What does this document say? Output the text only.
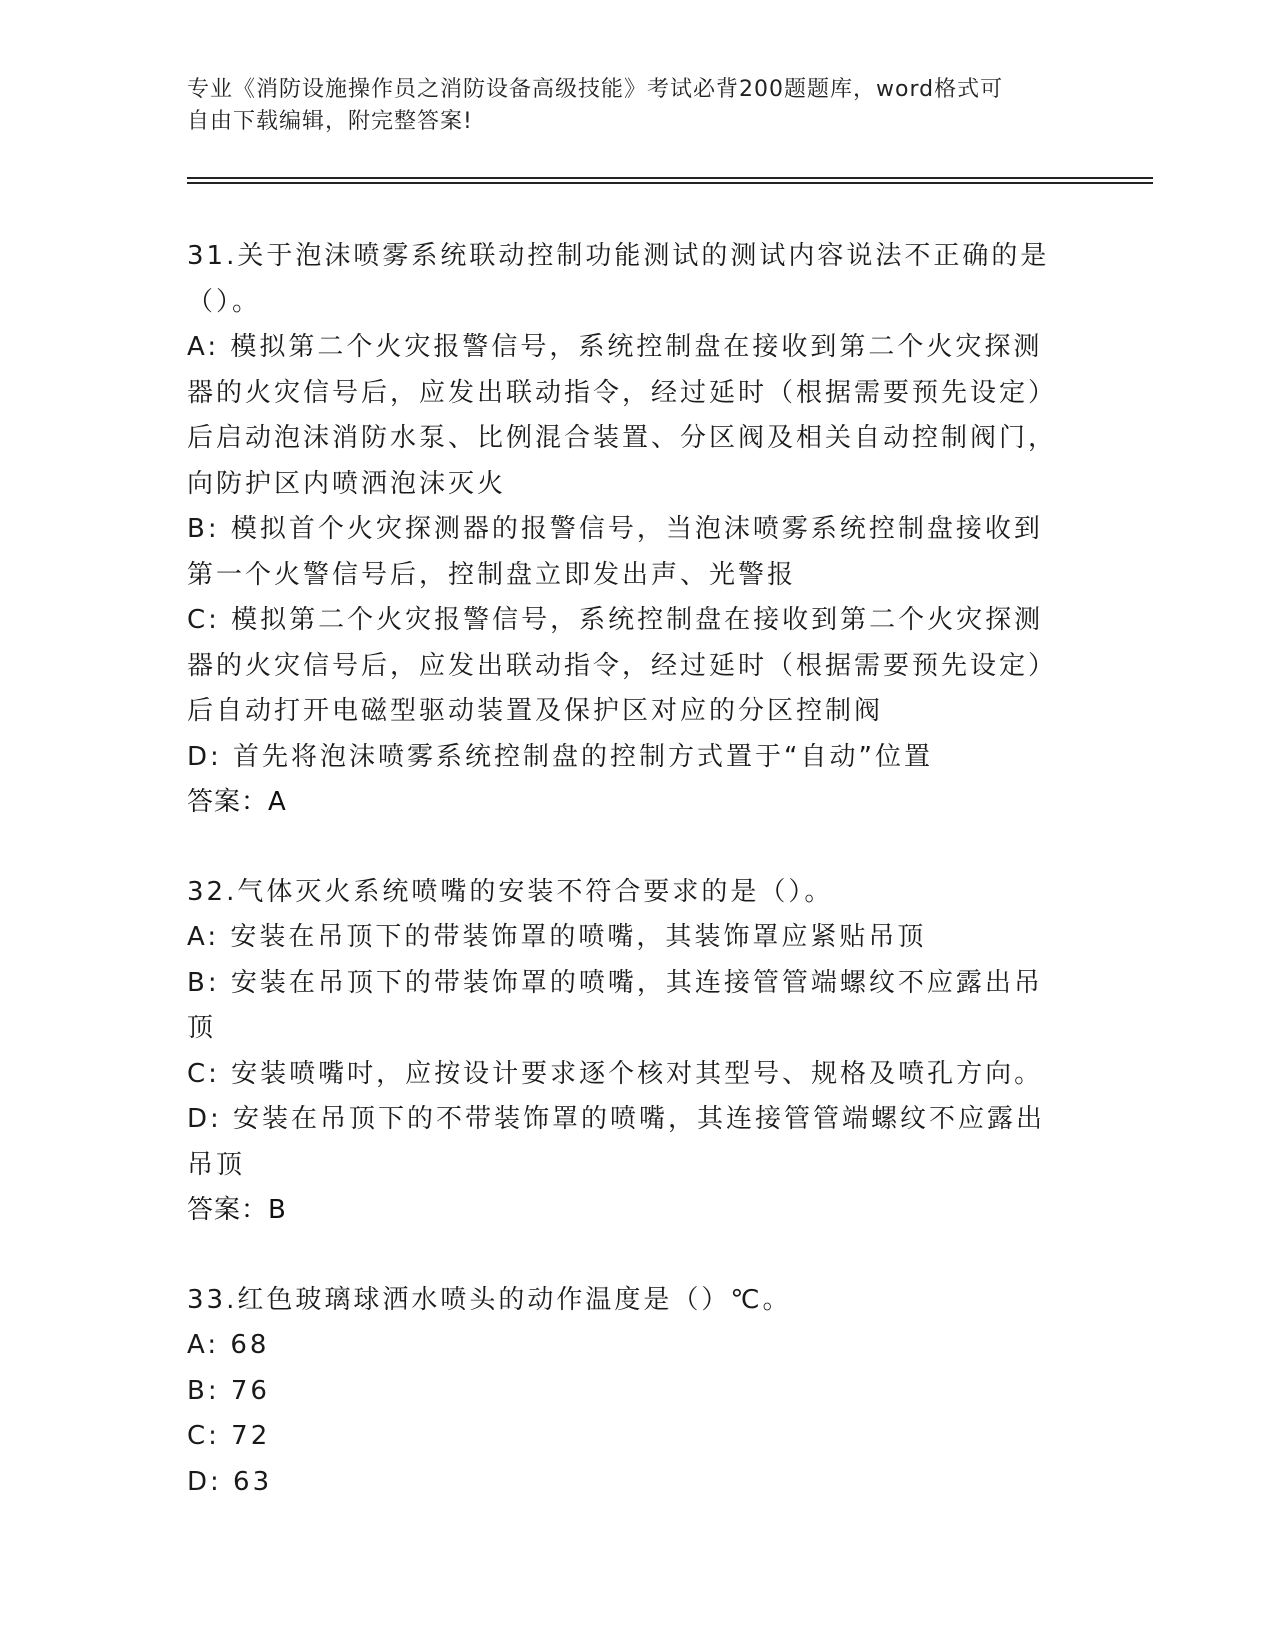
专业《消防设施操作员之消防设备高级技能》考试必背200题题库，word格式可
自由下载编辑，附完整答案!

31.关于泡沫喷雾系统联动控制功能测试的测试内容说法不正确的是（）。

A: 模拟第二个火灾报警信号，系统控制盘在接收到第二个火灾探测器的火灾信号后，应发出联动指令，经过延时（根据需要预先设定）后启动泡沫消防水泵、比例混合装置、分区阀及相关自动控制阀门，向防护区内喷洒泡沫灭火

B: 模拟首个火灾探测器的报警信号，当泡沫喷雾系统控制盘接收到第一个火警信号后，控制盘立即发出声、光警报

C: 模拟第二个火灾报警信号，系统控制盘在接收到第二个火灾探测器的火灾信号后，应发出联动指令，经过延时（根据需要预先设定）后自动打开电磁型驱动装置及保护区对应的分区控制阀

D: 首先将泡沫喷雾系统控制盘的控制方式置于“自动”位置

答案：A

32.气体灭火系统喷嘴的安装不符合要求的是（）。

A: 安装在吊顶下的带装饰罩的喷嘴，其装饰罩应紧贴吊顶

B: 安装在吊顶下的带装饰罩的喷嘴，其连接管管端螺纹不应露出吊顶

C: 安装喷嘴吋，应按设计要求逐个核对其型号、规格及喷孔方向。

D: 安装在吊顶下的不带装饰罩的喷嘴，其连接管管端螺纹不应露出吊顶

答案：B

33.红色玻璃球洒水喷头的动作温度是（）℃。

A: 68

B: 76

C: 72

D: 63
